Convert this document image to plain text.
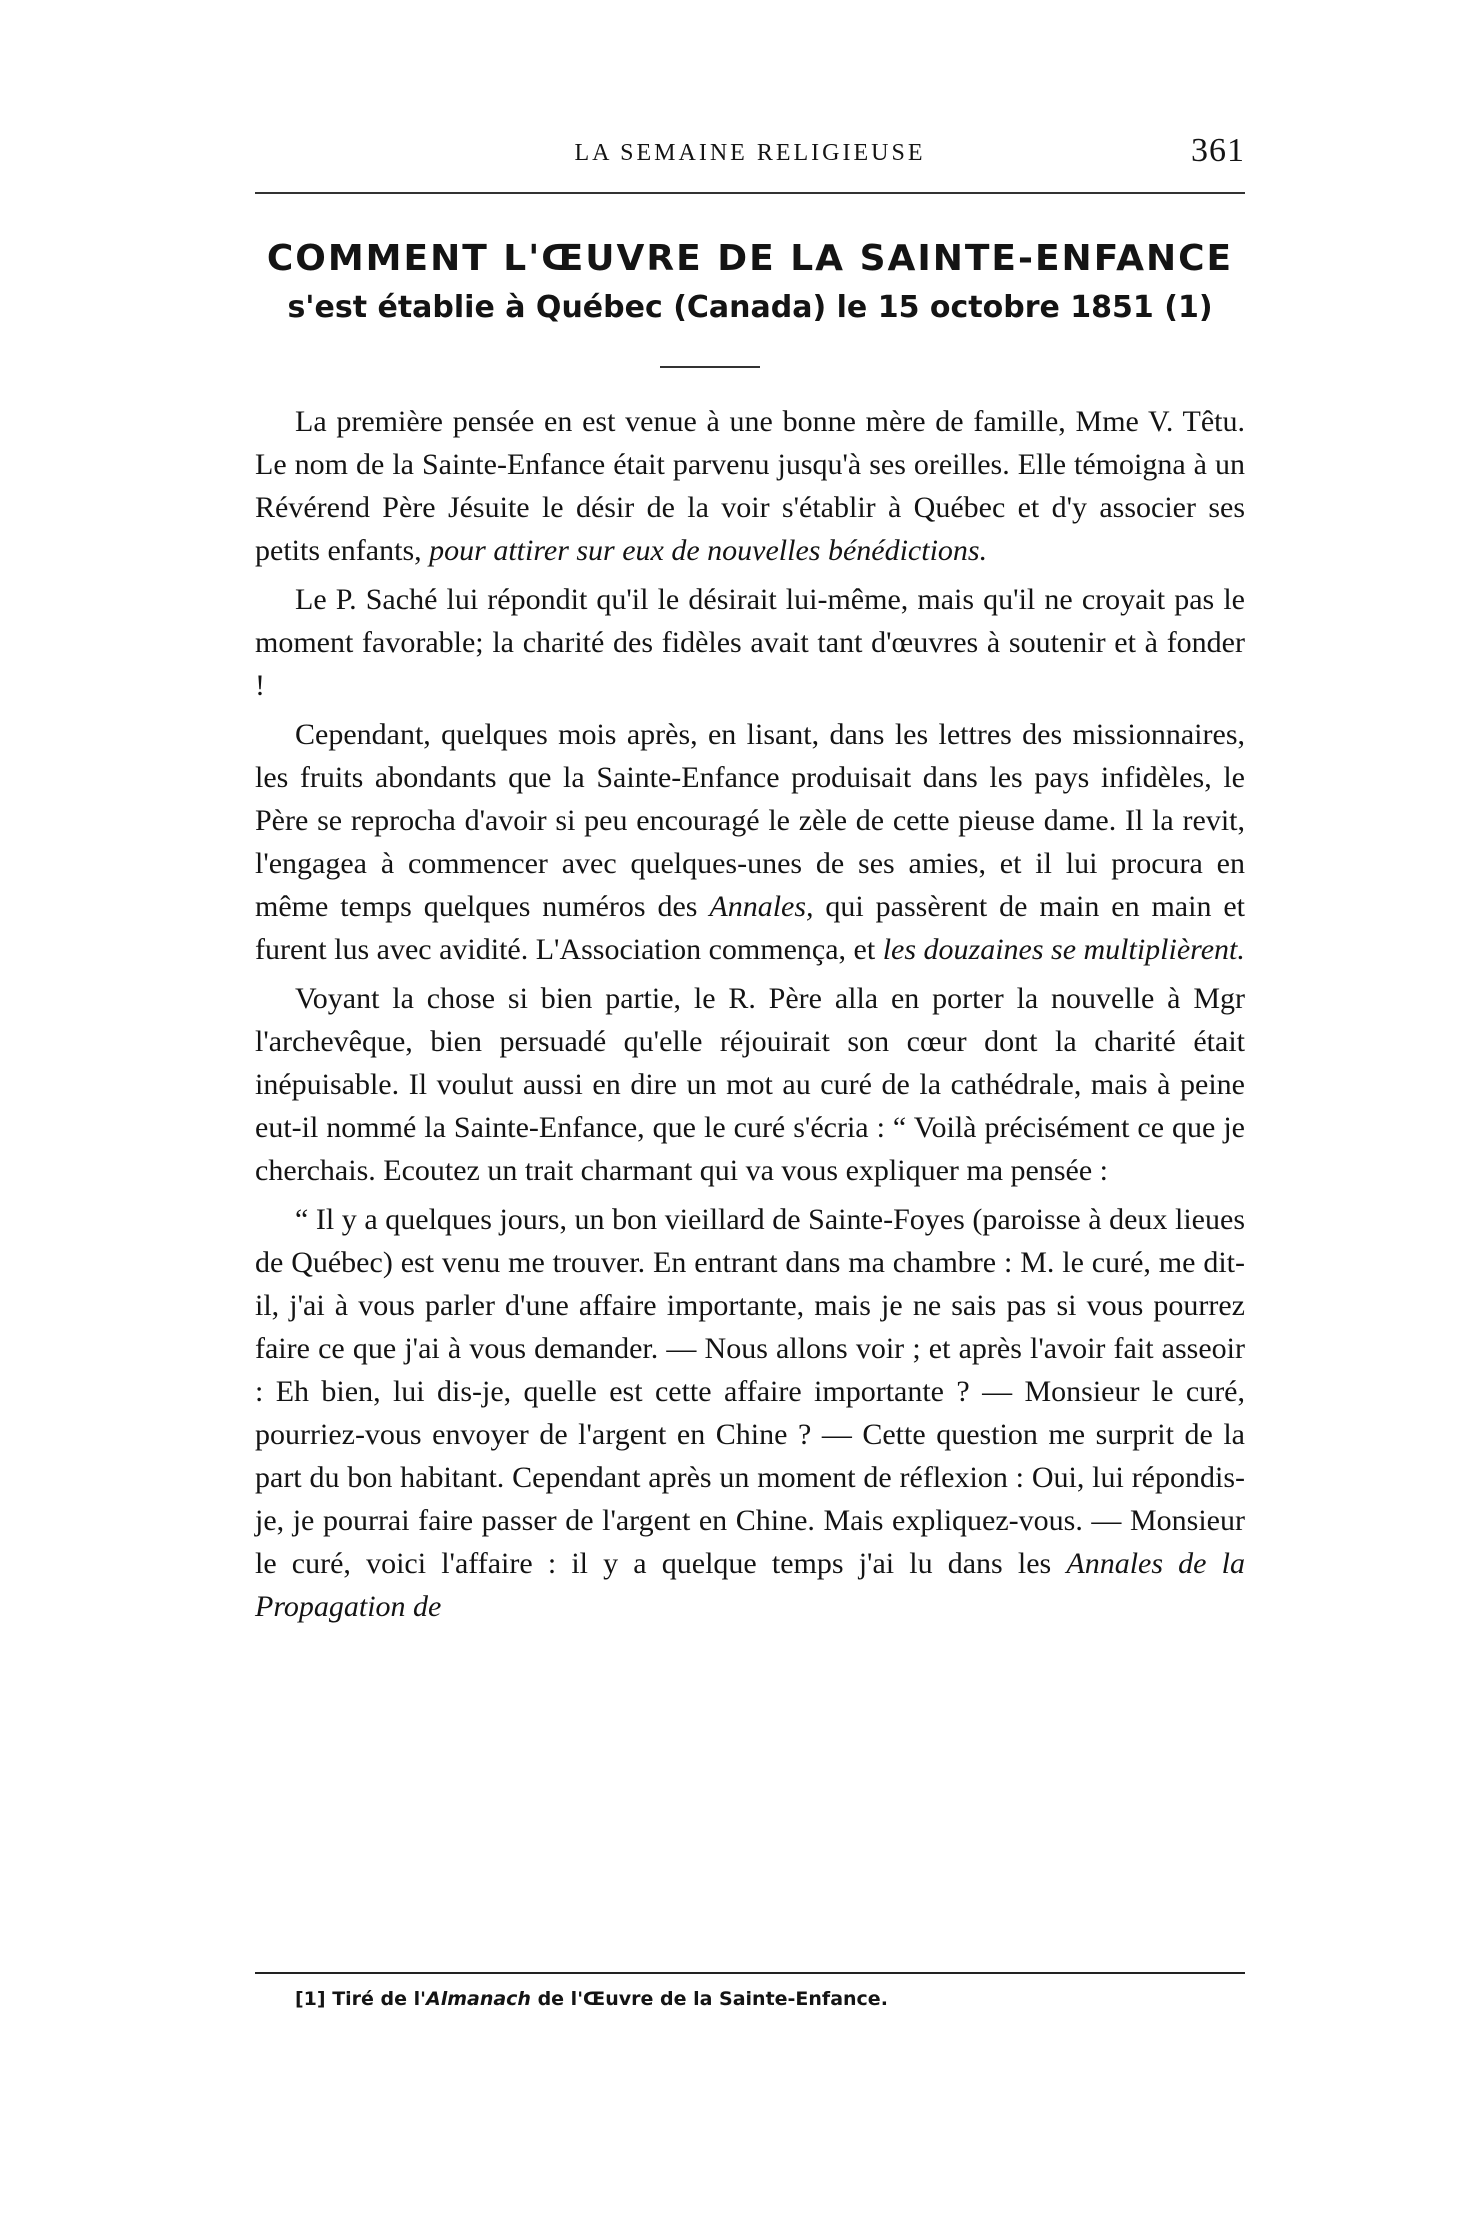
LA SEMAINE RELIGIEUSE	361
COMMENT L'ŒUVRE DE LA SAINTE-ENFANCE
s'est établie à Québec (Canada) le 15 octobre 1851 (1)

La première pensée en est venue à une bonne mère de famille, Mme V. Têtu. Le nom de la Sainte-Enfance était parvenu jusqu'à ses oreilles. Elle témoigna à un Révérend Père Jésuite le désir de la voir s'établir à Québec et d'y associer ses petits enfants, pour attirer sur eux de nouvelles bénédictions.

Le P. Saché lui répondit qu'il le désirait lui-même, mais qu'il ne croyait pas le moment favorable; la charité des fidèles avait tant d'œuvres à soutenir et à fonder !

Cependant, quelques mois après, en lisant, dans les lettres des missionnaires, les fruits abondants que la Sainte-Enfance produisait dans les pays infidèles, le Père se reprocha d'avoir si peu encouragé le zèle de cette pieuse dame. Il la revit, l'engagea à commencer avec quelques-unes de ses amies, et il lui procura en même temps quelques numéros des Annales, qui passèrent de main en main et furent lus avec avidité. L'Association commença, et les douzaines se multiplièrent.

Voyant la chose si bien partie, le R. Père alla en porter la nouvelle à Mgr l'archevêque, bien persuadé qu'elle réjouirait son cœur dont la charité était inépuisable. Il voulut aussi en dire un mot au curé de la cathédrale, mais à peine eut-il nommé la Sainte-Enfance, que le curé s'écria : “ Voilà précisément ce que je cherchais. Ecoutez un trait charmant qui va vous expliquer ma pensée :

“ Il y a quelques jours, un bon vieillard de Sainte-Foyes (paroisse à deux lieues de Québec) est venu me trouver. En entrant dans ma chambre : M. le curé, me dit-il, j'ai à vous parler d'une affaire importante, mais je ne sais pas si vous pourrez faire ce que j'ai à vous demander. — Nous allons voir ; et après l'avoir fait asseoir : Eh bien, lui dis-je, quelle est cette affaire importante ? — Monsieur le curé, pourriez-vous envoyer de l'argent en Chine ? — Cette question me surprit de la part du bon habitant. Cependant après un moment de réflexion : Oui, lui répondis-je, je pourrai faire passer de l'argent en Chine. Mais expliquez-vous. — Monsieur le curé, voici l'affaire : il y a quelque temps j'ai lu dans les Annales de la Propagation de

[1] Tiré de l'Almanach de l'Œuvre de la Sainte-Enfance.
